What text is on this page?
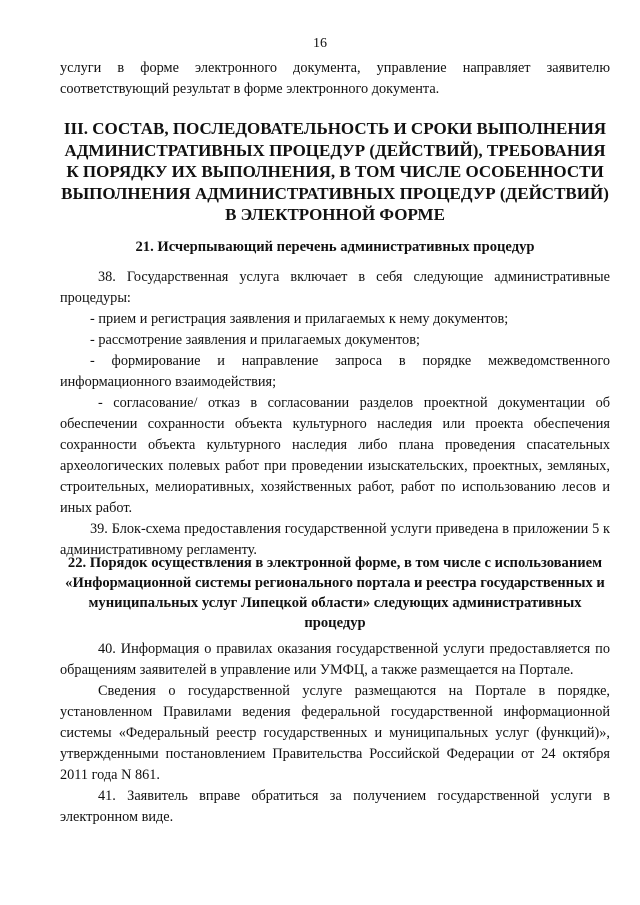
16

услуги в форме электронного документа, управление направляет заявителю соответствующий результат в форме электронного документа.

III. СОСТАВ, ПОСЛЕДОВАТЕЛЬНОСТЬ И СРОКИ ВЫПОЛНЕНИЯ АДМИНИСТРАТИВНЫХ ПРОЦЕДУР (ДЕЙСТВИЙ), ТРЕБОВАНИЯ К ПОРЯДКУ ИХ ВЫПОЛНЕНИЯ, В ТОМ ЧИСЛЕ ОСОБЕННОСТИ ВЫПОЛНЕНИЯ АДМИНИСТРАТИВНЫХ ПРОЦЕДУР (ДЕЙСТВИЙ) В ЭЛЕКТРОННОЙ ФОРМЕ
21. Исчерпывающий перечень административных процедур

38. Государственная услуга включает в себя следующие административные процедуры:

- прием и регистрация заявления и прилагаемых к нему документов;

- рассмотрение заявления и прилагаемых документов;

- формирование и направление запроса в порядке межведомственного информационного взаимодействия;

- согласование/ отказ в согласовании разделов проектной документации об обеспечении сохранности объекта культурного наследия или проекта обеспечения сохранности объекта культурного наследия либо плана проведения спасательных археологических полевых работ при проведении изыскательских, проектных, земляных, строительных, мелиоративных, хозяйственных работ, работ по использованию лесов и иных работ.

39. Блок-схема предоставления государственной услуги приведена в приложении 5 к административному регламенту.

22. Порядок осуществления в электронной форме, в том числе с использованием «Информационной системы регионального портала и реестра государственных и муниципальных услуг Липецкой области» следующих административных процедур

40. Информация о правилах оказания государственной услуги предоставляется по обращениям заявителей в управление или УМФЦ, а также размещается на Портале.

Сведения о государственной услуге размещаются на Портале в порядке, установленном Правилами ведения федеральной государственной информационной системы «Федеральный реестр государственных и муниципальных услуг (функций)», утвержденными постановлением Правительства Российской Федерации от 24 октября 2011 года N 861.

41. Заявитель вправе обратиться за получением государственной услуги в электронном виде.
